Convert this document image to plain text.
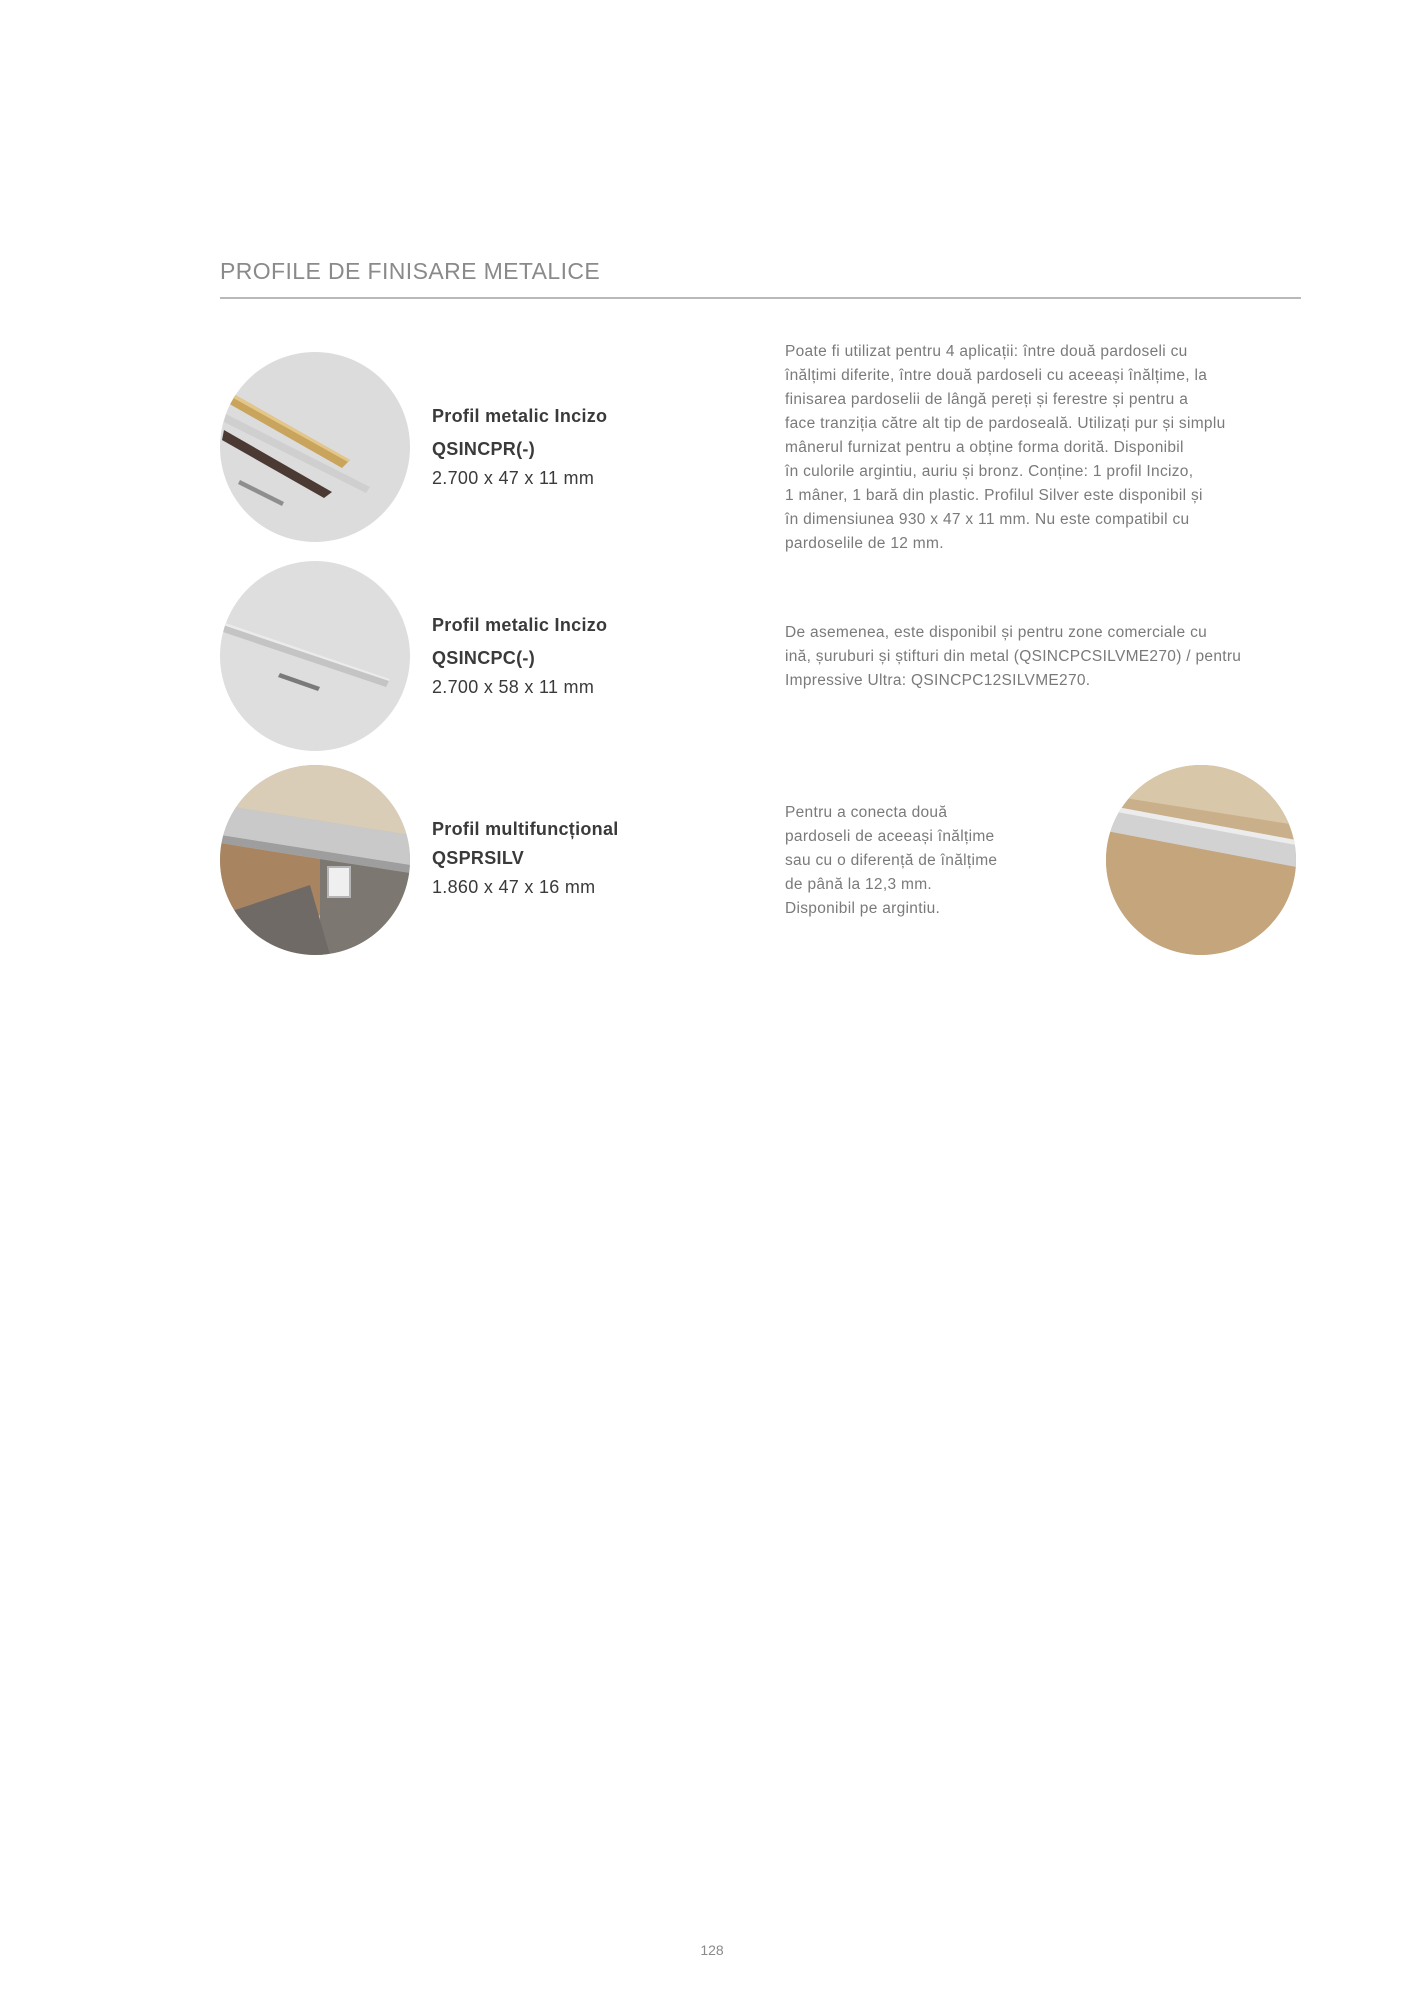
PROFILE DE FINISARE METALICE
Profil metalic Incizo
QSINCPR(-)
2.700 x 47 x 11 mm
Poate fi utilizat pentru 4 aplicații: între două pardoseli cu
înălțimi diferite, între două pardoseli cu aceeași înălțime, la
finisarea pardoselii de lângă pereți și ferestre și pentru a
face tranziția către alt tip de pardoseală. Utilizați pur și simplu
mânerul furnizat pentru a obține forma dorită. Disponibil
în culorile argintiu, auriu și bronz. Conține: 1 profil Incizo,
1 mâner, 1 bară din plastic. Profilul Silver este disponibil și
în dimensiunea 930 x 47 x 11 mm. Nu este compatibil cu
pardoselile de 12 mm.
Profil metalic Incizo
QSINCPC(-)
2.700 x 58 x 11 mm
De asemenea, este disponibil și pentru zone comerciale cu
ină, șuruburi și știfturi din metal (QSINCPCSILVME270) / pentru
Impressive Ultra: QSINCPC12SILVME270.
Profil multifuncțional
QSPRSILV
1.860 x 47 x 16 mm
Pentru a conecta două
pardoseli de aceeași înălțime
sau cu o diferență de înălțime
de până la 12,3 mm.
Disponibil pe argintiu.
128
